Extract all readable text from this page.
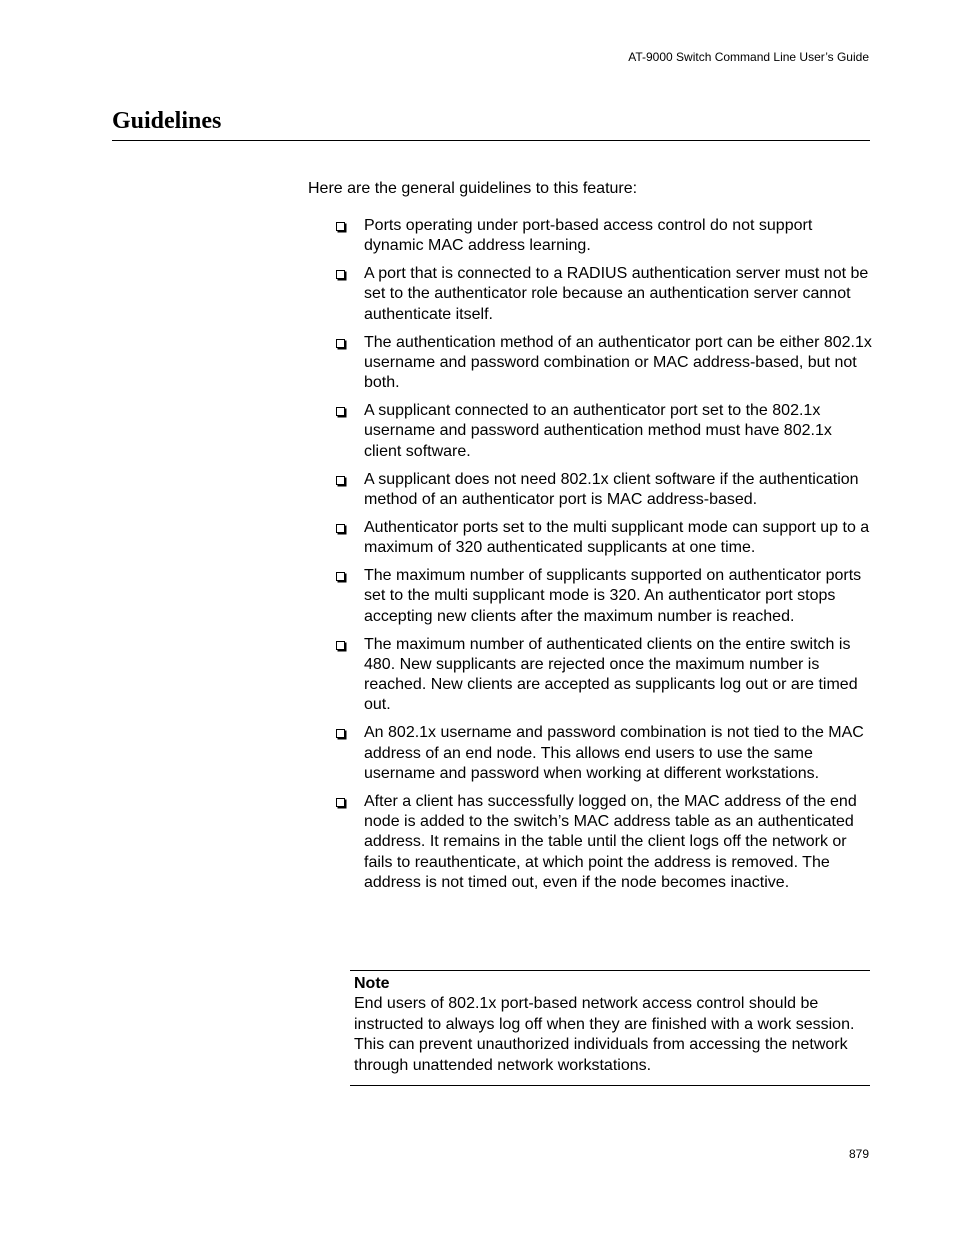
AT-9000 Switch Command Line User’s Guide
Guidelines

Here are the general guidelines to this feature:

Ports operating under port-based access control do not support dynamic MAC address learning.
A port that is connected to a RADIUS authentication server must not be set to the authenticator role because an authentication server cannot authenticate itself.
The authentication method of an authenticator port can be either 802.1x username and password combination or MAC address-based, but not both.
A supplicant connected to an authenticator port set to the 802.1x username and password authentication method must have 802.1x client software.
A supplicant does not need 802.1x client software if the authentication method of an authenticator port is MAC address-based.
Authenticator ports set to the multi supplicant mode can support up to a maximum of 320 authenticated supplicants at one time.
The maximum number of supplicants supported on authenticator ports set to the multi supplicant mode is 320. An authenticator port stops accepting new clients after the maximum number is reached.
The maximum number of authenticated clients on the entire switch is 480. New supplicants are rejected once the maximum number is reached. New clients are accepted as supplicants log out or are timed out.
An 802.1x username and password combination is not tied to the MAC address of an end node. This allows end users to use the same username and password when working at different workstations.
After a client has successfully logged on, the MAC address of the end node is added to the switch’s MAC address table as an authenticated address. It remains in the table until the client logs off the network or fails to reauthenticate, at which point the address is removed. The address is not timed out, even if the node becomes inactive.
Note
End users of 802.1x port-based network access control should be instructed to always log off when they are finished with a work session. This can prevent unauthorized individuals from accessing the network through unattended network workstations.
879
